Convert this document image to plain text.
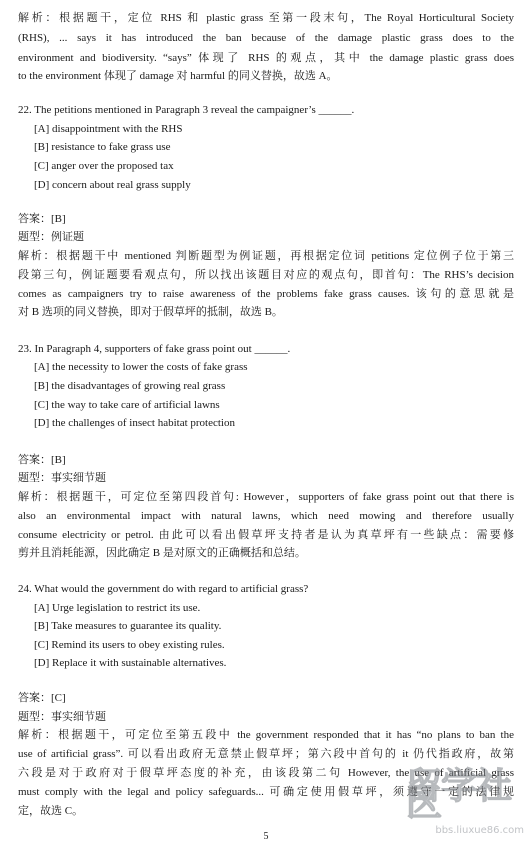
解析：根据题干，定位 RHS 和 plastic grass 至第一段末句，The Royal Horticultural Society
(RHS), ... says it has introduced the ban because of the damage plastic grass does to the
environment and biodiversity. “says” 体现了 RHS 的观点，其中 the damage plastic grass does
to the environment 体现了 damage 对 harmful 的同义替换，故选 A。
22. The petitions mentioned in Paragraph 3 reveal the campaigner’s ______.
[A] disappointment with the RHS
[B] resistance to fake grass use
[C] anger over the proposed tax
[D] concern about real grass supply
答案：[B]
题型：例证题
解析：根据题干中 mentioned 判断题型为例证题，再根据定位词 petitions 定位例子位于第三
段第三句，例证题要看观点句，所以找出该题目对应的观点句，即首句：The RHS’s decision
comes as campaigners try to raise awareness of the problems fake grass causes. 该句的意思就是
对 B 选项的同义替换，即对于假草坪的抵制，故选 B。
23. In Paragraph 4, supporters of fake grass point out ______.
[A] the necessity to lower the costs of fake grass
[B] the disadvantages of growing real grass
[C] the way to take care of artificial lawns
[D] the challenges of insect habitat protection
答案：[B]
题型：事实细节题
解析：根据题干，可定位至第四段首句: However，supporters of fake grass point out that there is
also an environmental impact with natural lawns, which need mowing and therefore usually
consume electricity or petrol. 由此可以看出假草坪支持者是认为真草坪有一些缺点：需要修
剪并且消耗能源，因此确定 B 是对原文的正确概括和总结。
24. What would the government do with regard to artificial grass?
[A] Urge legislation to restrict its use.
[B] Take measures to guarantee its quality.
[C] Remind its users to obey existing rules.
[D] Replace it with sustainable alternatives.
答案：[C]
题型：事实细节题
解析：根据题干，可定位至第五段中 the government responded that it has “no plans to ban the
use of artificial grass”. 可以看出政府无意禁止假草坪；第六段中首句的 it 仍代指政府，故第
六段是对于政府对于假草坪态度的补充，由该段第二句 However, the use of artificial grass
must comply with the legal and policy safeguards... 可确定使用假草坪，须遵守一定的法律规
定，故选 C。
5
留学社区
bbs.liuxue86.com
